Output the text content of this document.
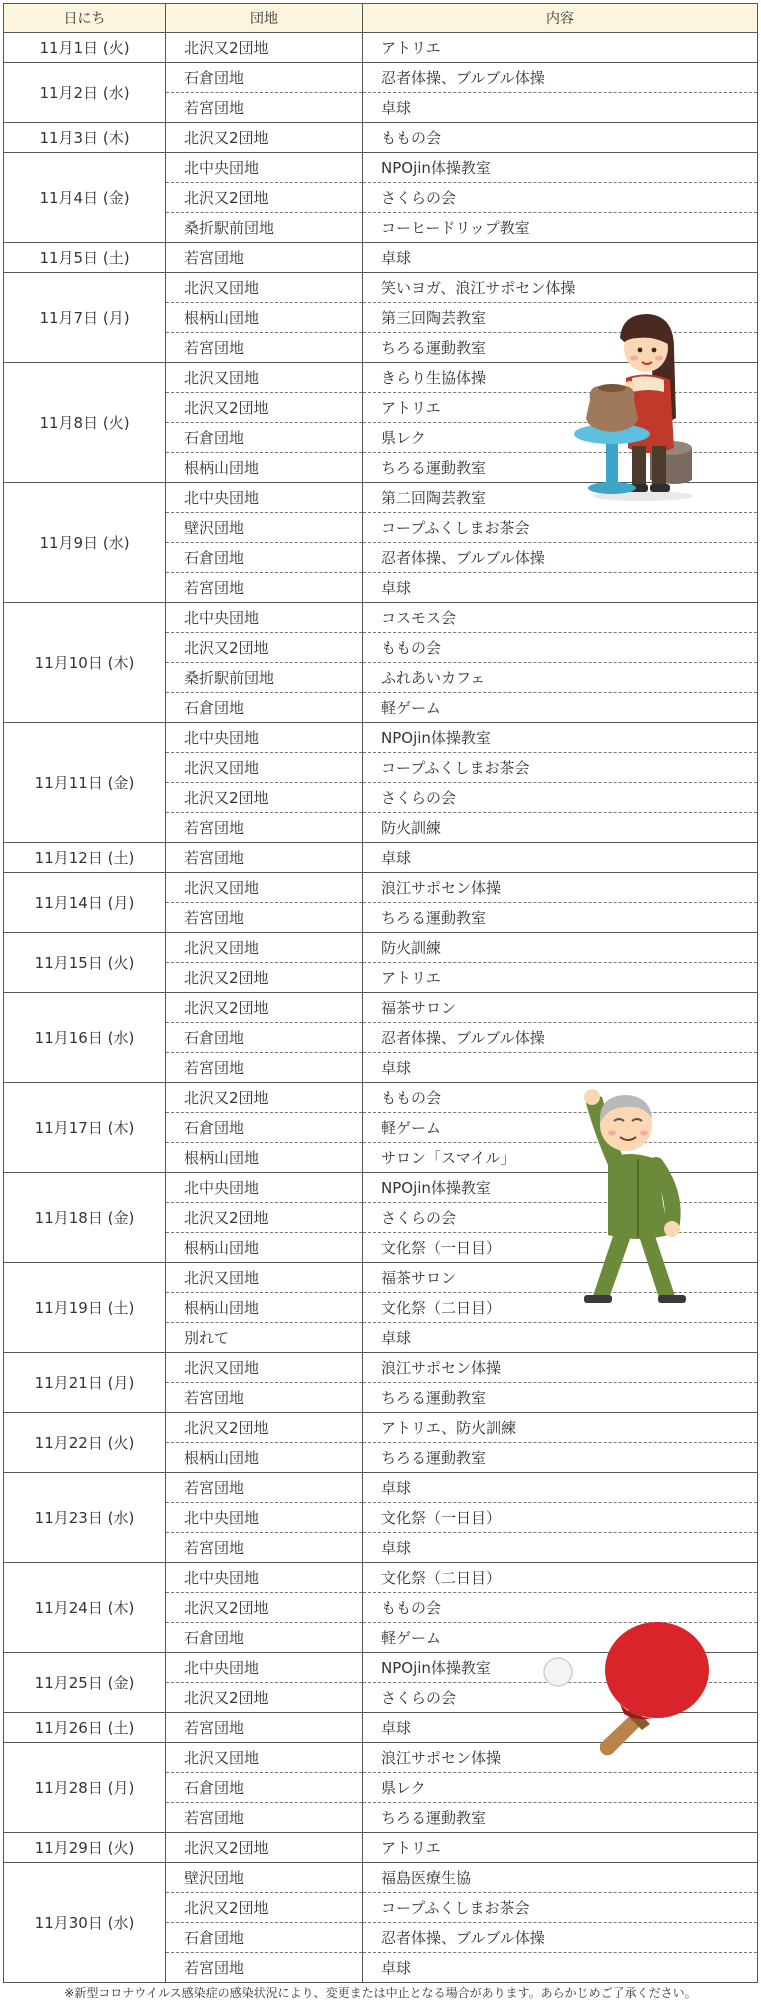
日にち	団地	内容
11月1日 (火)	北沢又2団地	アトリエ
11月2日 (水)	石倉団地	忍者体操、ブルブル体操
	若宮団地	卓球
11月3日 (木)	北沢又2団地	ももの会
11月4日 (金)	北中央団地	NPOjin体操教室
	北沢又2団地	さくらの会
	桑折駅前団地	コーヒードリップ教室
11月5日 (土)	若宮団地	卓球
11月7日 (月)	北沢又団地	笑いヨガ、浪江サポセン体操
	根柄山団地	第三回陶芸教室
	若宮団地	ちろる運動教室
11月8日 (火)	北沢又団地	きらり生協体操
	北沢又2団地	アトリエ
	石倉団地	県レク
	根柄山団地	ちろる運動教室
11月9日 (水)	北中央団地	第二回陶芸教室
	壁沢団地	コープふくしまお茶会
	石倉団地	忍者体操、ブルブル体操
	若宮団地	卓球
11月10日 (木)	北中央団地	コスモス会
	北沢又2団地	ももの会
	桑折駅前団地	ふれあいカフェ
	石倉団地	軽ゲーム
11月11日 (金)	北中央団地	NPOjin体操教室
	北沢又団地	コープふくしまお茶会
	北沢又2団地	さくらの会
	若宮団地	防火訓練
11月12日 (土)	若宮団地	卓球
11月14日 (月)	北沢又団地	浪江サポセン体操
	若宮団地	ちろる運動教室
11月15日 (火)	北沢又団地	防火訓練
	北沢又2団地	アトリエ
11月16日 (水)	北沢又2団地	福茶サロン
	石倉団地	忍者体操、ブルブル体操
	若宮団地	卓球
11月17日 (木)	北沢又2団地	ももの会
	石倉団地	軽ゲーム
	根柄山団地	サロン「スマイル」
11月18日 (金)	北中央団地	NPOjin体操教室
	北沢又2団地	さくらの会
	根柄山団地	文化祭（一日目）
11月19日 (土)	北沢又団地	福茶サロン
	根柄山団地	文化祭（二日目）
	別れて	卓球
11月21日 (月)	北沢又団地	浪江サポセン体操
	若宮団地	ちろる運動教室
11月22日 (火)	北沢又2団地	アトリエ、防火訓練
	根柄山団地	ちろる運動教室
11月23日 (水)	若宮団地	卓球
	北中央団地	文化祭（一日目）
	若宮団地	卓球
11月24日 (木)	北中央団地	文化祭（二日目）
	北沢又2団地	ももの会
	石倉団地	軽ゲーム
11月25日 (金)	北中央団地	NPOjin体操教室
	北沢又2団地	さくらの会
11月26日 (土)	若宮団地	卓球
11月28日 (月)	北沢又団地	浪江サポセン体操
	石倉団地	県レク
	若宮団地	ちろる運動教室
11月29日 (火)	北沢又2団地	アトリエ
11月30日 (水)	壁沢団地	福島医療生協
	北沢又2団地	コープふくしまお茶会
	石倉団地	忍者体操、ブルブル体操
	若宮団地	卓球
※新型コロナウイルス感染症の感染状況により、変更または中止となる場合があります。あらかじめご了承ください。
